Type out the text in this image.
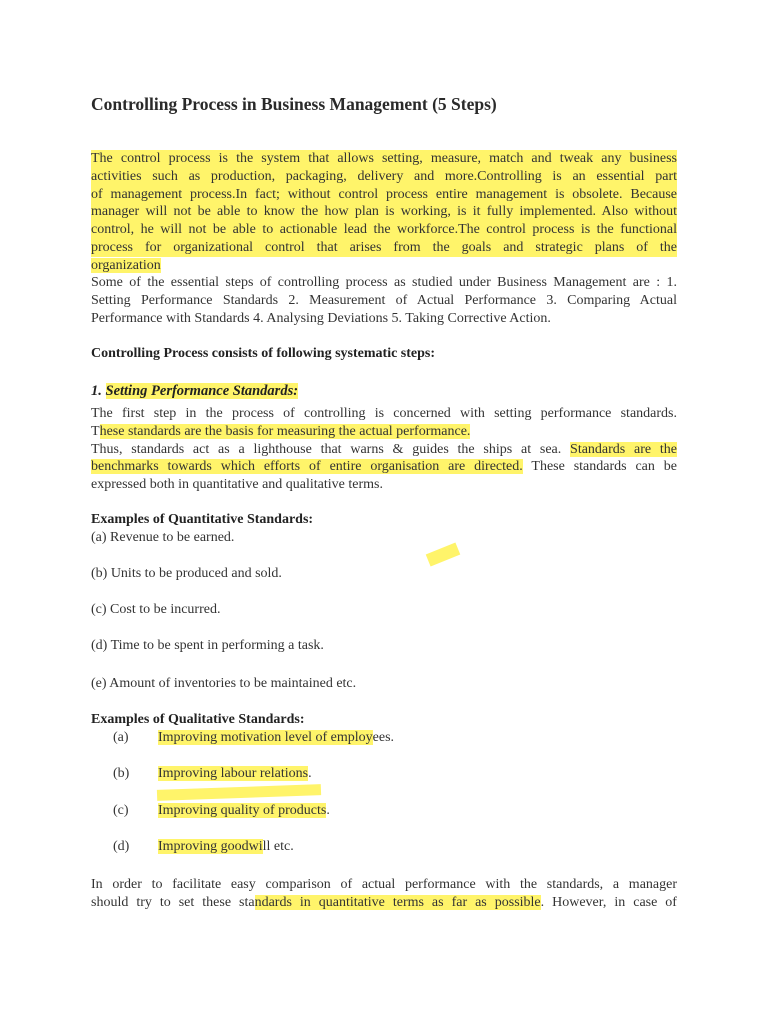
Controlling Process in Business Management (5 Steps)
The control process is the system that allows setting, measure, match and tweak any business
activities such as production, packaging, delivery and more.Controlling is an essential part
of management process.In fact; without control process entire management is obsolete. Because
manager will not be able to know the how plan is working, is it fully implemented. Also without
control, he will not be able to actionable lead the workforce.The control process is the functional
process for organizational control that arises from the goals and strategic plans of the
organization
Some of the essential steps of controlling process as studied under Business Management are : 1.
Setting Performance Standards 2. Measurement of Actual Performance 3. Comparing Actual
Performance with Standards 4. Analysing Deviations 5. Taking Corrective Action.
Controlling Process consists of following systematic steps:
1. Setting Performance Standards:
The first step in the process of controlling is concerned with setting performance standards.
These standards are the basis for measuring the actual performance.
Thus, standards act as a lighthouse that warns & guides the ships at sea. Standards are the
benchmarks towards which efforts of entire organisation are directed. These standards can be
expressed both in quantitative and qualitative terms.
Examples of Quantitative Standards:
(a) Revenue to be earned.
(b) Units to be produced and sold.
(c) Cost to be incurred.
(d) Time to be spent in performing a task.
(e) Amount of inventories to be maintained etc.
Examples of Qualitative Standards:
(a) Improving motivation level of employees.
(b) Improving labour relations.
(c) Improving quality of products.
(d) Improving goodwill etc.
In order to facilitate easy comparison of actual performance with the standards, a manager
should try to set these standards in quantitative terms as far as possible. However, in case of
